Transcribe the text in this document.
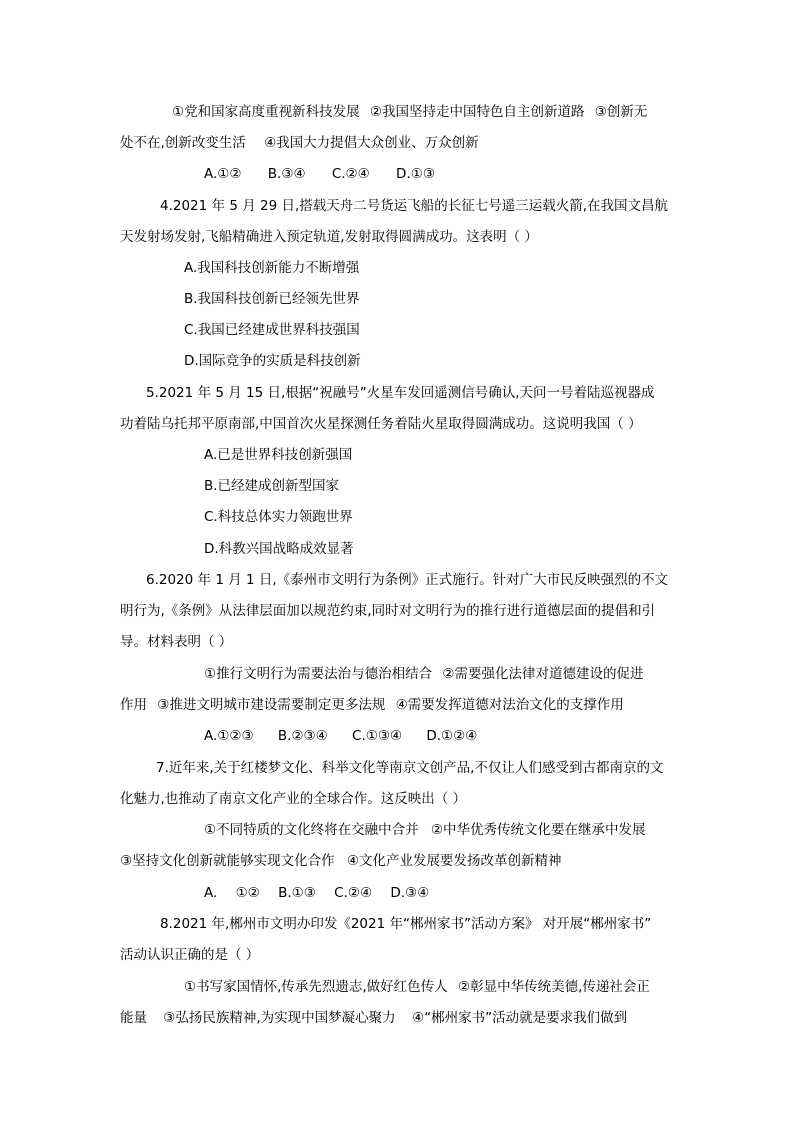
①党和国家高度重视新科技发展 ②我国坚持走中国特色自主创新道路 ③创新无
处不在,创新改变生活 ④我国大力提倡大众创业、万众创新
A.①② B.③④ C.②④ D.①③
4.2021 年 5 月 29 日,搭载天舟二号货运飞船的长征七号遥三运载火箭,在我国文昌航
天发射场发射,飞船精确进入预定轨道,发射取得圆满成功。这表明（ ）
A.我国科技创新能力不断增强
B.我国科技创新已经领先世界
C.我国已经建成世界科技强国
D.国际竞争的实质是科技创新
5.2021 年 5 月 15 日,根据“祝融号”火星车发回遥测信号确认,天问一号着陆巡视器成
功着陆乌托邦平原南部,中国首次火星探测任务着陆火星取得圆满成功。这说明我国（ ）
A.已是世界科技创新强国
B.已经建成创新型国家
C.科技总体实力领跑世界
D.科教兴国战略成效显著
6.2020 年 1 月 1 日,《泰州市文明行为条例》正式施行。针对广大市民反映强烈的不文
明行为,《条例》从法律层面加以规范约束,同时对文明行为的推行进行道德层面的提倡和引
导。材料表明（ ）
①推行文明行为需要法治与德治相结合 ②需要强化法律对道德建设的促进
作用 ③推进文明城市建设需要制定更多法规 ④需要发挥道德对法治文化的支撑作用
A.①②③ B.②③④ C.①③④ D.①②④
7.近年来,关于红楼梦文化、科举文化等南京文创产品,不仅让人们感受到古都南京的文
化魅力,也推动了南京文化产业的全球合作。这反映出（ ）
①不同特质的文化终将在交融中合并 ②中华优秀传统文化要在继承中发展
③坚持文化创新就能够实现文化合作 ④文化产业发展要发扬改革创新精神
A. ①② B.①③ C.②④ D.③④
8.2021 年,郴州市文明办印发《2021 年“郴州家书”活动方案》 对开展“郴州家书”
活动认识正确的是（ ）
①书写家国情怀,传承先烈遗志,做好红色传人 ②彰显中华传统美德,传递社会正
能量 ③弘扬民族精神,为实现中国梦凝心聚力 ④“郴州家书”活动就是要求我们做到
